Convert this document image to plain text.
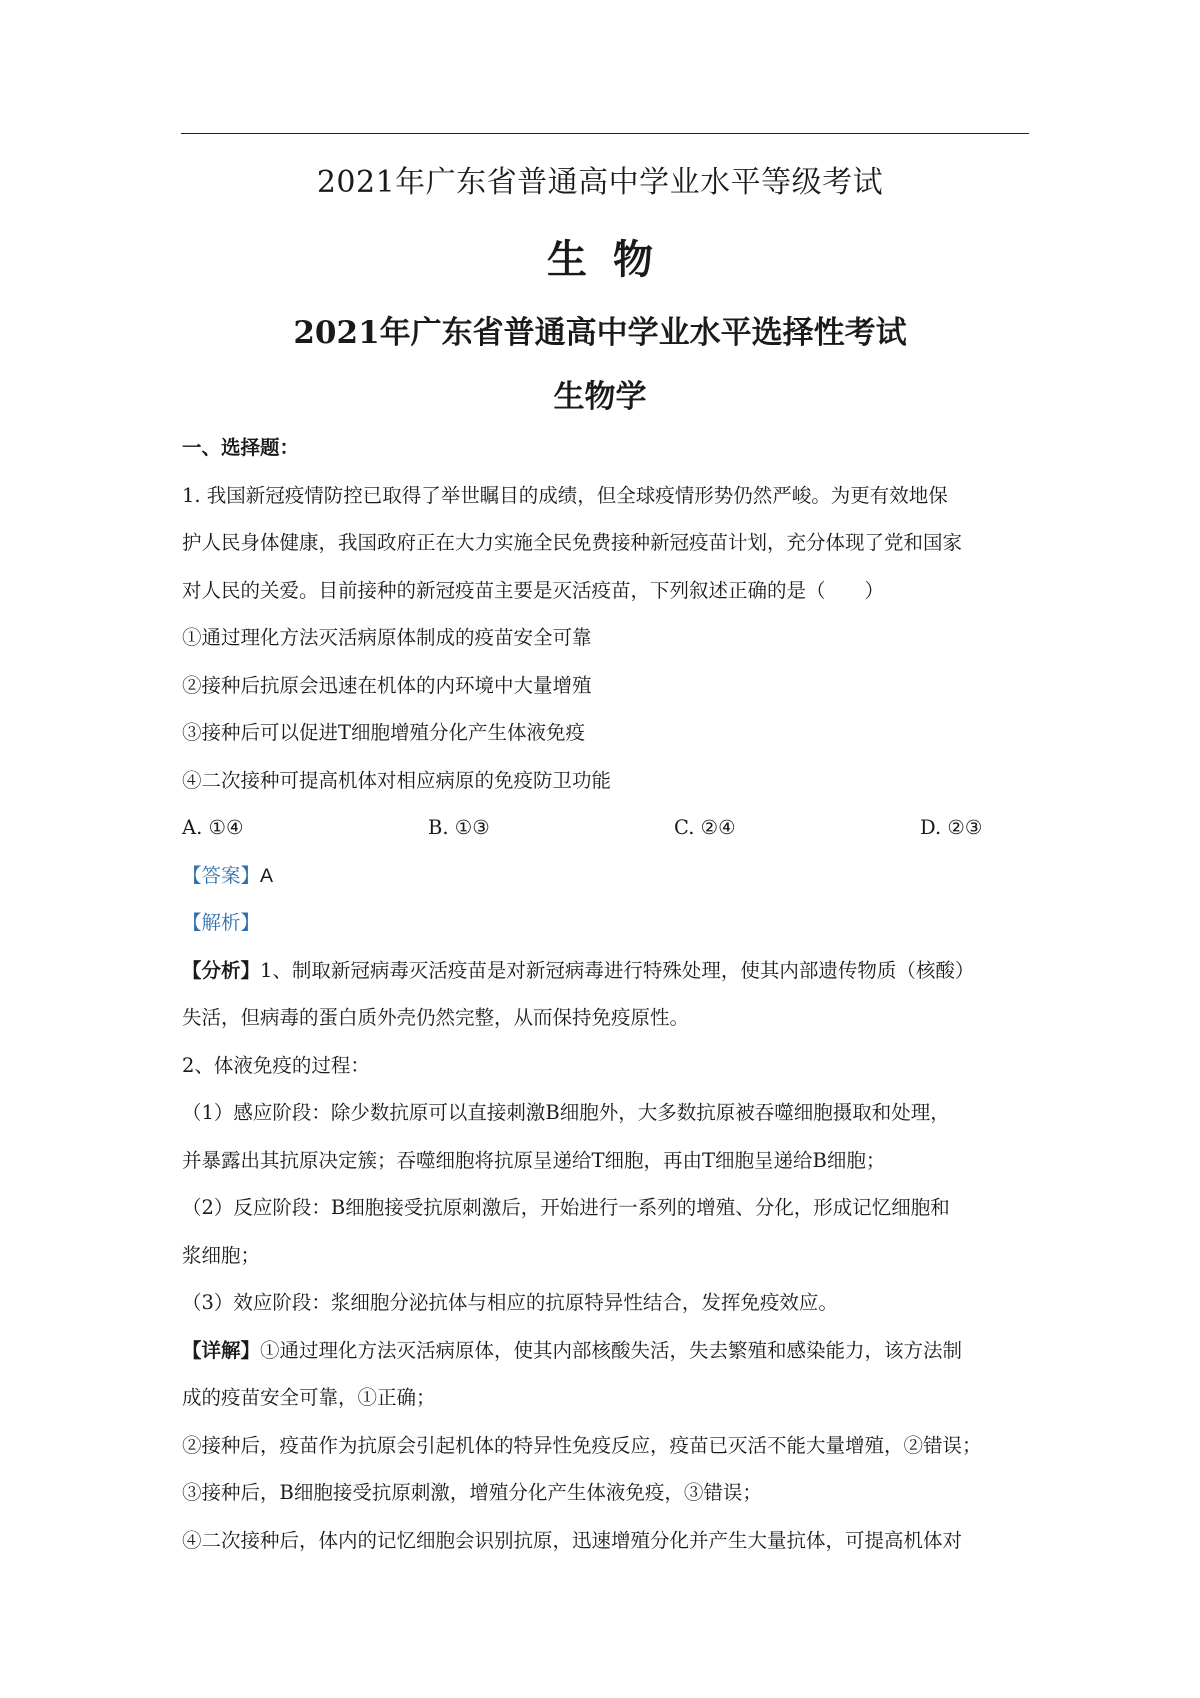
2021年广东省普通高中学业水平等级考试
生物
2021年广东省普通高中学业水平选择性考试
生物学
一、选择题：
1. 我国新冠疫情防控已取得了举世瞩目的成绩，但全球疫情形势仍然严峻。为更有效地保
护人民身体健康，我国政府正在大力实施全民免费接种新冠疫苗计划，充分体现了党和国家
对人民的关爱。目前接种的新冠疫苗主要是灭活疫苗，下列叙述正确的是（　　）
①通过理化方法灭活病原体制成的疫苗安全可靠
②接种后抗原会迅速在机体的内环境中大量增殖
③接种后可以促进T细胞增殖分化产生体液免疫
④二次接种可提高机体对相应病原的免疫防卫功能
A. ①④	B. ①③	C. ②④	D. ②③
【答案】A
【解析】
【分析】1、制取新冠病毒灭活疫苗是对新冠病毒进行特殊处理，使其内部遗传物质（核酸）
失活，但病毒的蛋白质外壳仍然完整，从而保持免疫原性。
2、体液免疫的过程：
（1）感应阶段：除少数抗原可以直接刺激B细胞外，大多数抗原被吞噬细胞摄取和处理，
并暴露出其抗原决定簇；吞噬细胞将抗原呈递给T细胞，再由T细胞呈递给B细胞；
（2）反应阶段：B细胞接受抗原刺激后，开始进行一系列的增殖、分化，形成记忆细胞和
浆细胞；
（3）效应阶段：浆细胞分泌抗体与相应的抗原特异性结合，发挥免疫效应。
【详解】①通过理化方法灭活病原体，使其内部核酸失活，失去繁殖和感染能力，该方法制
成的疫苗安全可靠，①正确；
②接种后，疫苗作为抗原会引起机体的特异性免疫反应，疫苗已灭活不能大量增殖，②错误；
③接种后，B细胞接受抗原刺激，增殖分化产生体液免疫，③错误；
④二次接种后，体内的记忆细胞会识别抗原，迅速增殖分化并产生大量抗体，可提高机体对
